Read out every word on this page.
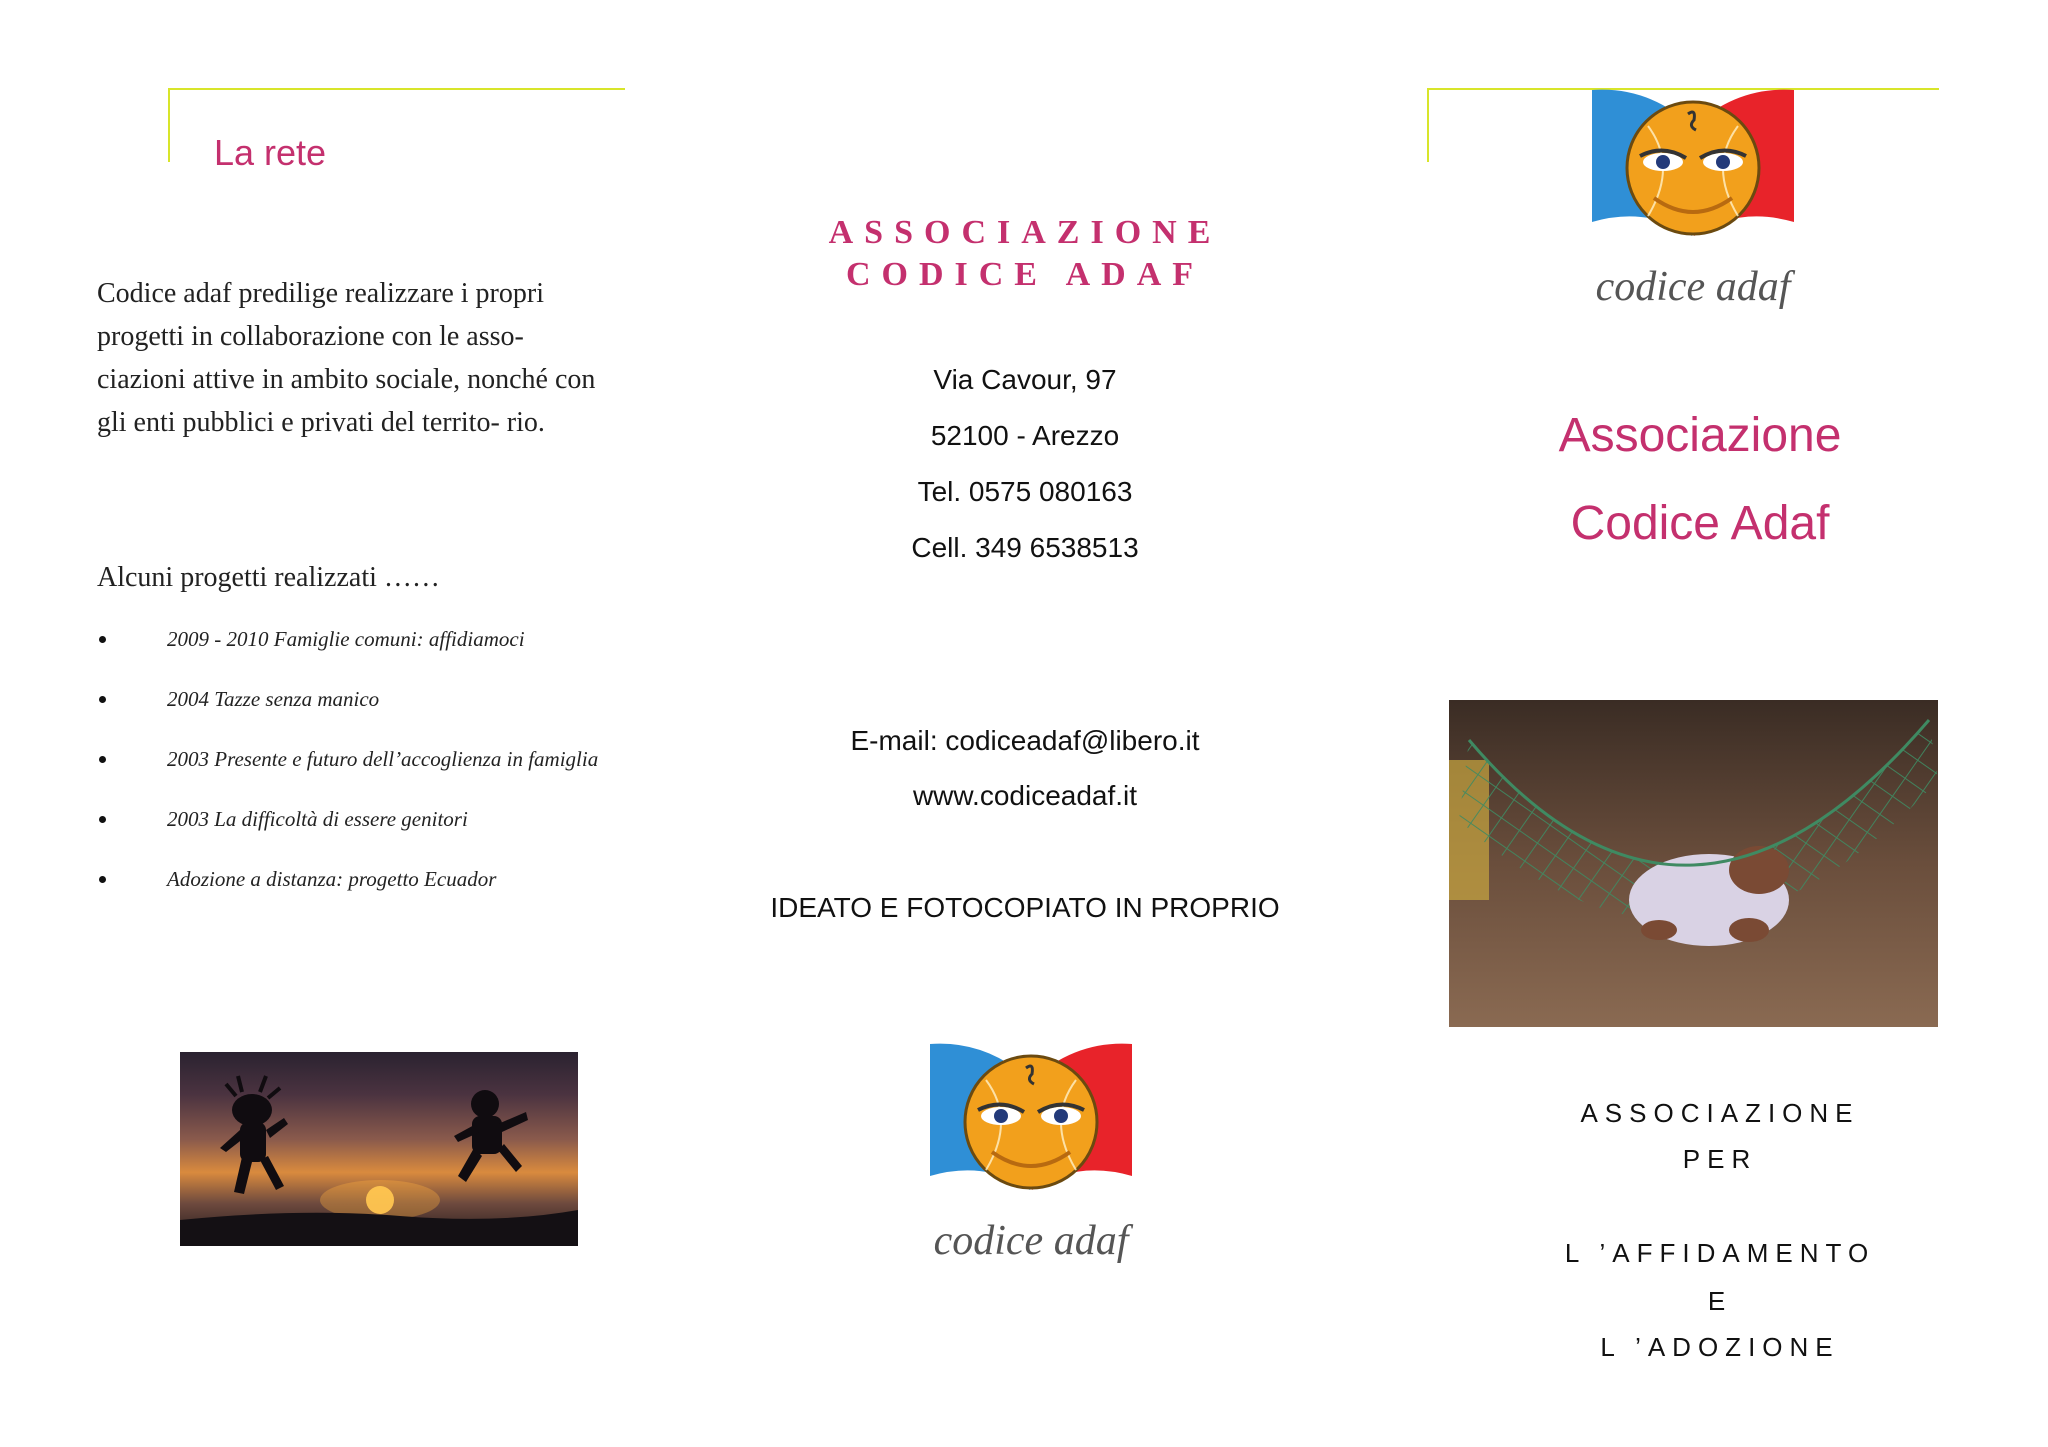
La rete
Codice adaf predilige realizzare i propri progetti in collaborazione con le asso- ciazioni attive in ambito sociale, nonché con gli enti pubblici e privati del territo- rio.
Alcuni progetti realizzati ……
2009 - 2010 Famiglie comuni: affidiamoci
2004 Tazze senza manico
2003 Presente e futuro dell’accoglienza in famiglia
2003 La difficoltà di essere genitori
Adozione a distanza: progetto Ecuador
ASSOCIAZIONE
CODICE ADAF
Via Cavour, 97
52100 - Arezzo
Tel. 0575 080163
Cell. 349 6538513
E-mail: codiceadaf@libero.it
www.codiceadaf.it
IDEATO E FOTOCOPIATO IN PROPRIO
codice adaf
codice adaf
Associazione
Codice Adaf
ASSOCIAZIONE
PER
L ’AFFIDAMENTO
E
L ’ADOZIONE
